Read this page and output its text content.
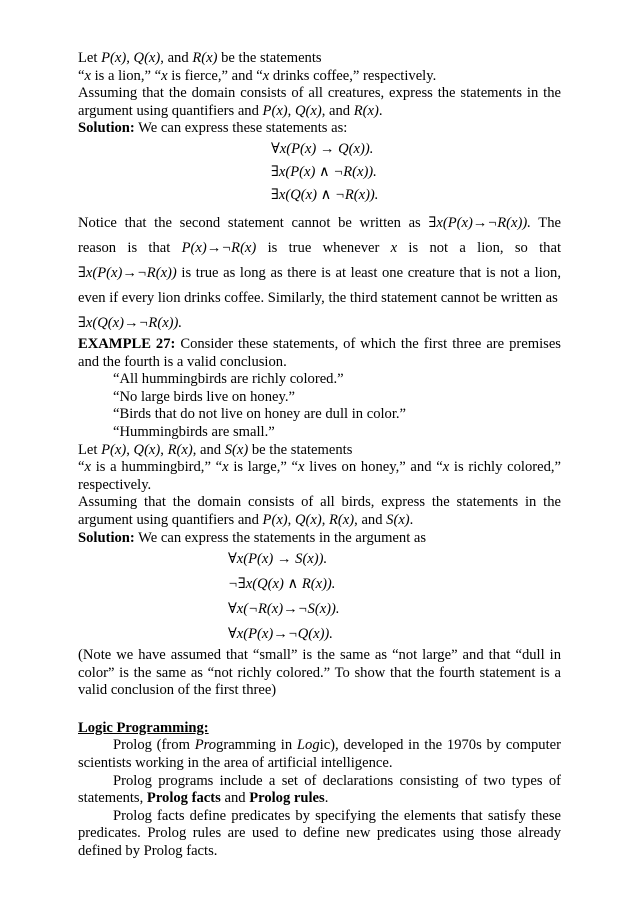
Let P(x), Q(x), and R(x) be the statements

“x is a lion,” “x is fierce,” and “x drinks coffee,” respectively.

Assuming that the domain consists of all creatures, express the statements in the argument using quantifiers and P(x), Q(x), and R(x).

Solution: We can express these statements as:

∀x(P(x) → Q(x)).

∃x(P(x) ∧ ¬R(x)).

∃x(Q(x) ∧ ¬R(x)).

Notice that the second statement cannot be written as ∃x(P(x)→¬R(x)). The reason is that P(x)→¬R(x) is true whenever x is not a lion, so that ∃x(P(x)→¬R(x)) is true as long as there is at least one creature that is not a lion, even if every lion drinks coffee. Similarly, the third statement cannot be written as

∃x(Q(x)→¬R(x)).

EXAMPLE 27: Consider these statements, of which the first three are premises and the fourth is a valid conclusion.

“All hummingbirds are richly colored.”

“No large birds live on honey.”

“Birds that do not live on honey are dull in color.”

“Hummingbirds are small.”

Let P(x), Q(x), R(x), and S(x) be the statements

“x is a hummingbird,” “x is large,” “x lives on honey,” and “x is richly colored,” respectively.

Assuming that the domain consists of all birds, express the statements in the argument using quantifiers and P(x), Q(x), R(x), and S(x).

Solution: We can express the statements in the argument as

∀x(P(x) → S(x)).

¬∃x(Q(x) ∧ R(x)).

∀x(¬R(x)→¬S(x)).

∀x(P(x)→¬Q(x)).

(Note we have assumed that “small” is the same as “not large” and that “dull in color” is the same as “not richly colored.” To show that the fourth statement is a valid conclusion of the first three)

Logic Programming:

Prolog (from Programming in Logic), developed in the 1970s by computer scientists working in the area of artificial intelligence.

Prolog programs include a set of declarations consisting of two types of statements, Prolog facts and Prolog rules.

Prolog facts define predicates by specifying the elements that satisfy these predicates. Prolog rules are used to define new predicates using those already defined by Prolog facts.
